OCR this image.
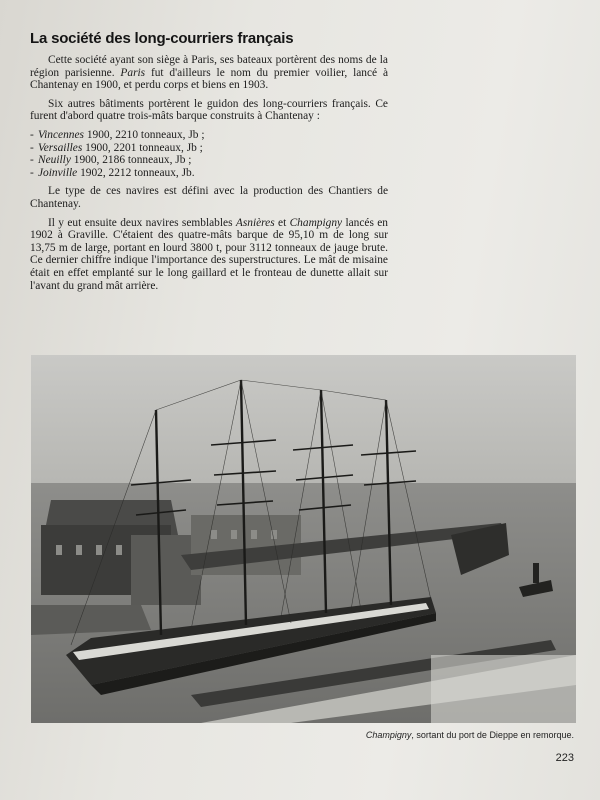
La société des long-courriers français

Cette société ayant son siège à Paris, ses bateaux portèrent des noms de la région parisienne. Paris fut d'ailleurs le nom du premier voilier, lancé à Chantenay en 1900, et perdu corps et biens en 1903.

Six autres bâtiments portèrent le guidon des long-courriers français. Ce furent d'abord quatre trois-mâts barque construits à Chantenay :

- Vincennes 1900, 2210 tonneaux, Jb ;
- Versailles 1900, 2201 tonneaux, Jb ;
- Neuilly 1900, 2186 tonneaux, Jb ;
- Joinville 1902, 2212 tonneaux, Jb.

Le type de ces navires est défini avec la production des Chantiers de Chantenay.

Il y eut ensuite deux navires semblables Asnières et Champigny lancés en 1902 à Graville. C'étaient des quatre-mâts barque de 95,10 m de long sur 13,75 m de large, portant en lourd 3800 t, pour 3112 tonneaux de jauge brute. Ce dernier chiffre indique l'importance des superstructures. Le mât de misaine était en effet emplanté sur le long gaillard et le fronteau de dunette allait sur l'avant du grand mât arrière.

Champigny, sortant du port de Dieppe en remorque.
223
